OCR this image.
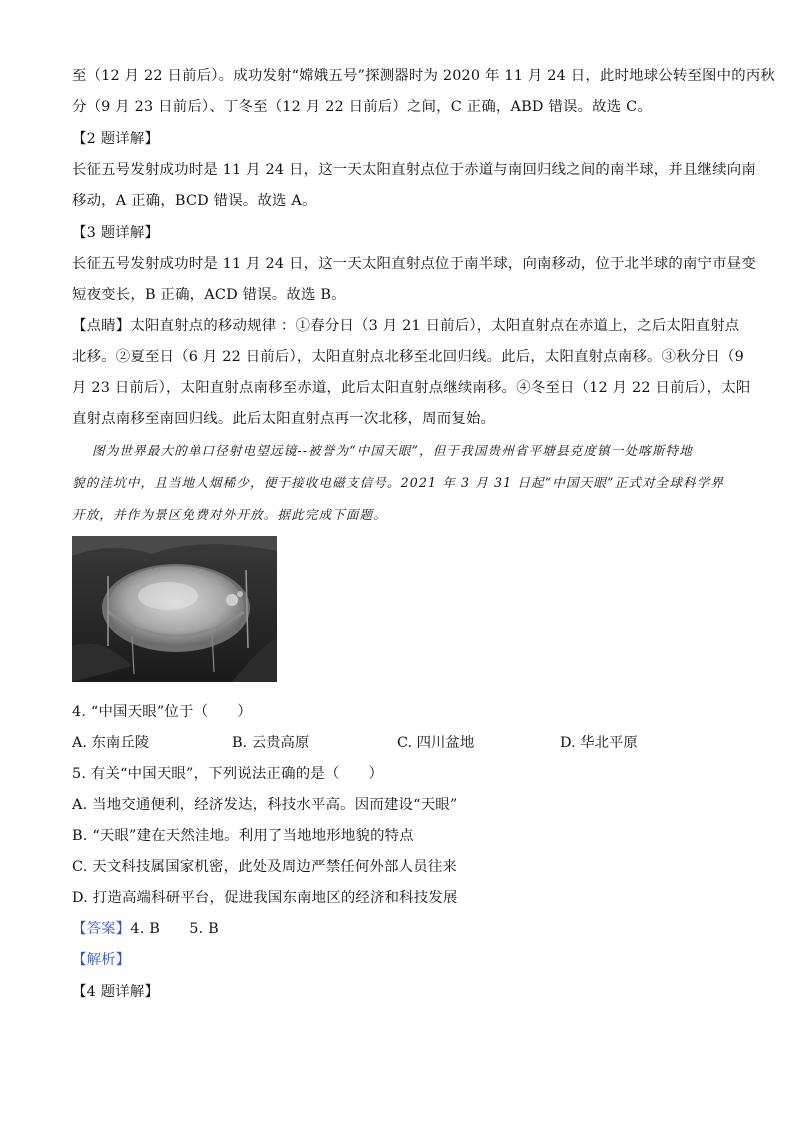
至（12 月 22 日前后）。成功发射“嫦娥五号”探测器时为 2020 年 11 月 24 日，此时地球公转至图中的丙秋
分（9 月 23 日前后）、丁冬至（12 月 22 日前后）之间，C 正确，ABD 错误。故选 C。
【2 题详解】
长征五号发射成功时是 11 月 24 日，这一天太阳直射点位于赤道与南回归线之间的南半球，并且继续向南
移动，A 正确，BCD 错误。故选 A。
【3 题详解】
长征五号发射成功时是 11 月 24 日，这一天太阳直射点位于南半球，向南移动，位于北半球的南宁市昼变
短夜变长，B 正确，ACD 错误。故选 B。
【点睛】太阳直射点的移动规律 ：①春分日（3 月 21 日前后），太阳直射点在赤道上，之后太阳直射点
北移。②夏至日（6 月 22 日前后），太阳直射点北移至北回归线。此后，太阳直射点南移。③秋分日（9
月 23 日前后），太阳直射点南移至赤道，此后太阳直射点继续南移。④冬至日（12 月 22 日前后），太阳
直射点南移至南回归线。此后太阳直射点再一次北移，周而复始。
图为世界最大的单口径射电望远镜--被誉为“中国天眼”，但于我国贵州省平塘县克度镇一处喀斯特地
貌的洼坑中，且当地人烟稀少，便于接收电磁支信号。2021 年 3 月 31 日起“中国天眼”正式对全球科学界
开放，并作为景区免费对外开放。据此完成下面题。
4. “中国天眼”位于（　　）
A. 东南丘陵	B. 云贵高原	C. 四川盆地	D. 华北平原
5. 有关“中国天眼”，下列说法正确的是（　　）
A. 当地交通便利，经济发达，科技水平高。因而建设“天眼”
B. “天眼”建在天然洼地。利用了当地地形地貌的特点
C. 天文科技属国家机密，此处及周边严禁任何外部人员往来
D. 打造高端科研平台，促进我国东南地区的经济和科技发展
【答案】4. B　　5. B
【解析】
【4 题详解】
